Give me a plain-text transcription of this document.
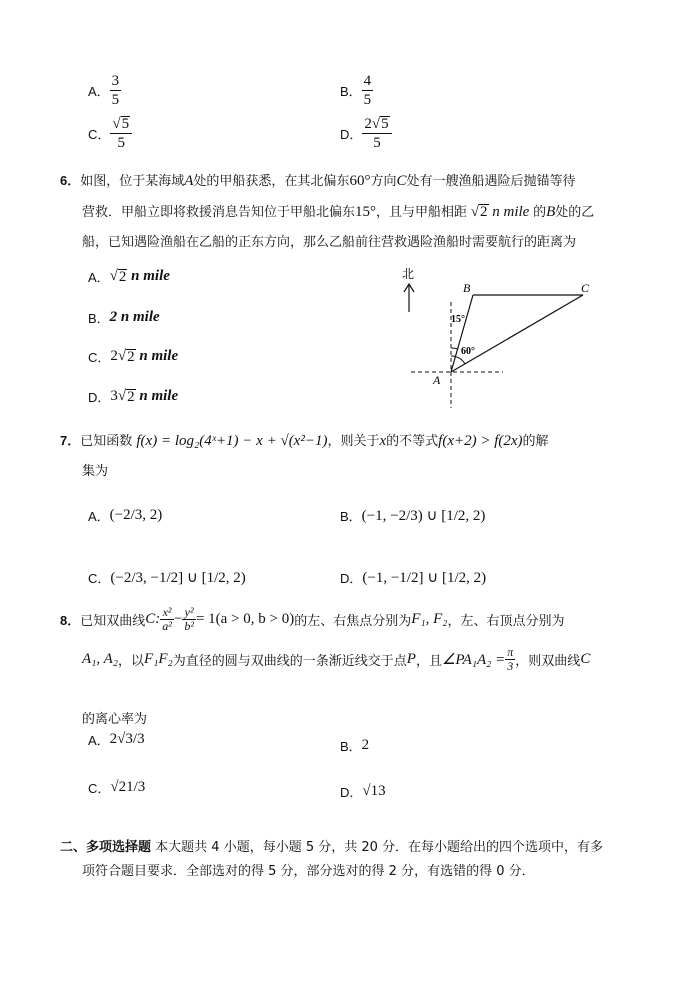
A． $\frac{3}{5}$	B． $\frac{4}{5}$
C． $\frac{√5}{5}$	D． $\frac{2√5}{5}$
6．如图，位于某海域A处的甲船获悉，在其北偏东60°方向C处有一艘渔船遇险后抛锚等待
营救．甲船立即将救援消息告知位于甲船北偏东15°，且与甲船相距 √2 n mile 的B处的乙
船，已知遇险渔船在乙船的正东方向，那么乙船前往营救遇险渔船时需要航行的距离为
A． √ 2
n mile
B． 2 n mile
C． 2 √ 2
n mile
D． 3 √ 2
n mile
北
B	C
A
15°
60°
7．已知函数 f(x) = log₂(4ˣ+1) − x + √(x²−1)，则关于x的不等式f(x+2) > f(2x)的解
集为
A． (−2/3, 2)	B． (−1, −2/3) ∪ [1/2, 2)
C． (−2/3, −1/2] ∪ [1/2, 2)	D． (−1, −1/2] ∪ [1/2, 2)
8． 已知双曲线 C: $\frac{\text{x²}}{\text{a²}} - \frac{\text{y²}}{\text{b²}} = 1(a > 0$, b > 0) 的左、右焦点分别为 F₁, F₂ ，左、右顶点分别为
A₁, A₂ ，以 F₁F₂ 为直径的圆与双曲线的一条渐近线交于点 P ，且 ∠PA₁A₂ = $\frac{\pi}{3}$ ，则双曲线 C
的离心率为
A． 2√3/3	B． 2
C． √21/3	D． √13
二、多项选择题 本大题共 4 小题，每小题 5 分，共 20 分．在每小题给出的四个选项中，有多
项符合题目要求．全部选对的得 5 分，部分选对的得 2 分，有选错的得 0 分．
